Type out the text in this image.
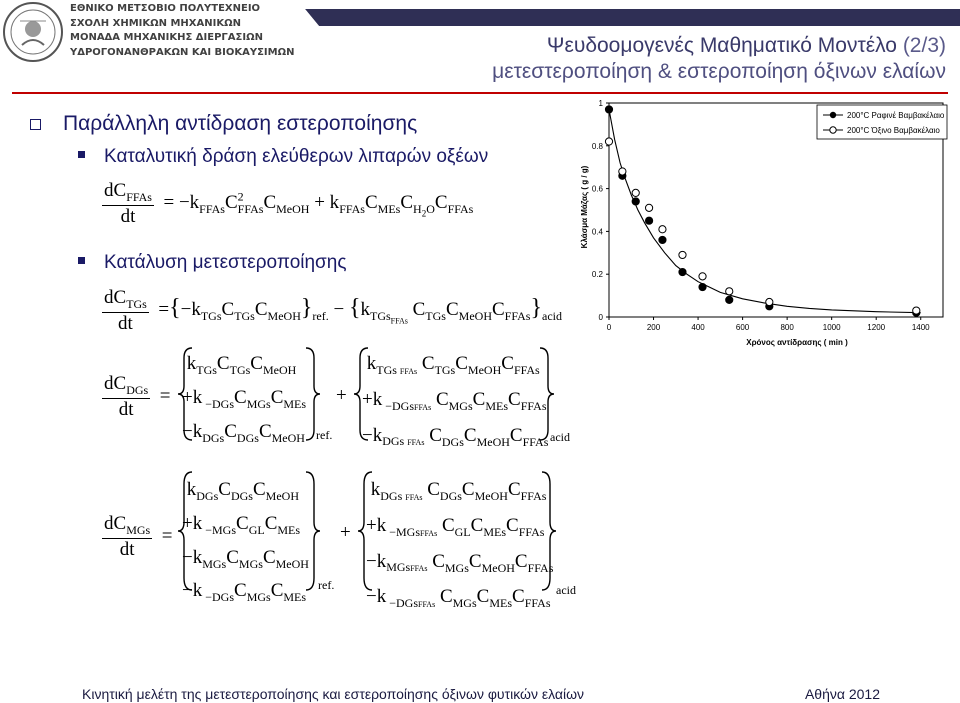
ΕΘΝΙΚΟ ΜΕΤΣΟΒΙΟ ΠΟΛΥΤΕΧΝΕΙΟ
ΣΧΟΛΗ ΧΗΜΙΚΩΝ ΜΗΧΑΝΙΚΩΝ
ΜΟΝΑΔΑ ΜΗΧΑΝΙΚΗΣ ΔΙΕΡΓΑΣΙΩΝ
ΥΔΡΟΓΟΝΑΝΘΡΑΚΩΝ ΚΑΙ ΒΙΟΚΑΥΣΙΜΩΝ	Ψευδοομογενές Μαθηματικό Μοντέλο (2/3)
μετεστεροποίηση & εστεροποίηση όξινων ελαίων
Παράλληλη αντίδραση εστεροποίησης
Καταλυτική δράση ελεύθερων λιπαρών οξέων
Κατάλυση μετεστεροποίησης
$\frac{dC_{FFAs}}{dt} = -k_{FFAs}C^2_{FFAs}C_{MeOH} + k_{FFAs}C_{MEs}C_{H_2O}C_{FFAs}$
$\frac{dC_{TGs}}{dt} =\{-k_{TGs}C_{TGs}C_{MeOH}\}_{ref.} - \{k_{TGs_{FFAs}}$ $C_{TGs}C_{MeOH}C_{FFAs}\}_{acid}$
$\frac{dC_{DGs}}{dt}$ =
$k_{TGs}C_{TGs}C_{MeOH}$
+k $_{-DGs}C_{MGs}C_{MEs}$
$-k_{DGs}C_{DGs}C_{MeOH}$ ref.
+
$k_{TGs FFAs}$ $C_{TGs}C_{MeOH}C_{FFAs}$
+k $_{-DGsFFAs}$ $C_{MGs}C_{MEs}C_{FFAs}$
$-k_{DGs FFAs}$ $C_{DGs}C_{MeOH}C_{FFAs}$ acid
$\frac{dC_{MGs}}{dt}$ =
$k_{DGs}C_{DGs}C_{MeOH}$
+k $_{-MGs}C_{GL}C_{MEs}$
$-k_{MGs}C_{MGs}C_{MeOH}$
−k $_{-DGs}C_{MGs}C_{MEs}$
ref.
+
$k_{DGs FFAs}$ $C_{DGs}C_{MeOH}C_{FFAs}$
+k $_{-MGsFFAs}$ $C_{GL}C_{MEs}C_{FFAs}$
$-k_{MGsFFAs}$ $C_{MGs}C_{MeOH}C_{FFAs}$
−k $_{-DGsFFAs}$ $C_{MGs}C_{MEs}C_{FFAs}$
acid
Κλάσμα Μάζας ( g / g)
Χρόνος αντίδρασης ( min )
0
0.2
0.4
0.6
0.8
1
0	200	400	600	800	1000	1200	1400
200°C Ραφινέ Βαμβακέλαιο
200°C Όξινο Βαμβακέλαιο
Κινητική μελέτη της μετεστεροποίησης και εστεροποίησης όξινων φυτικών ελαίων	Αθήνα 2012
